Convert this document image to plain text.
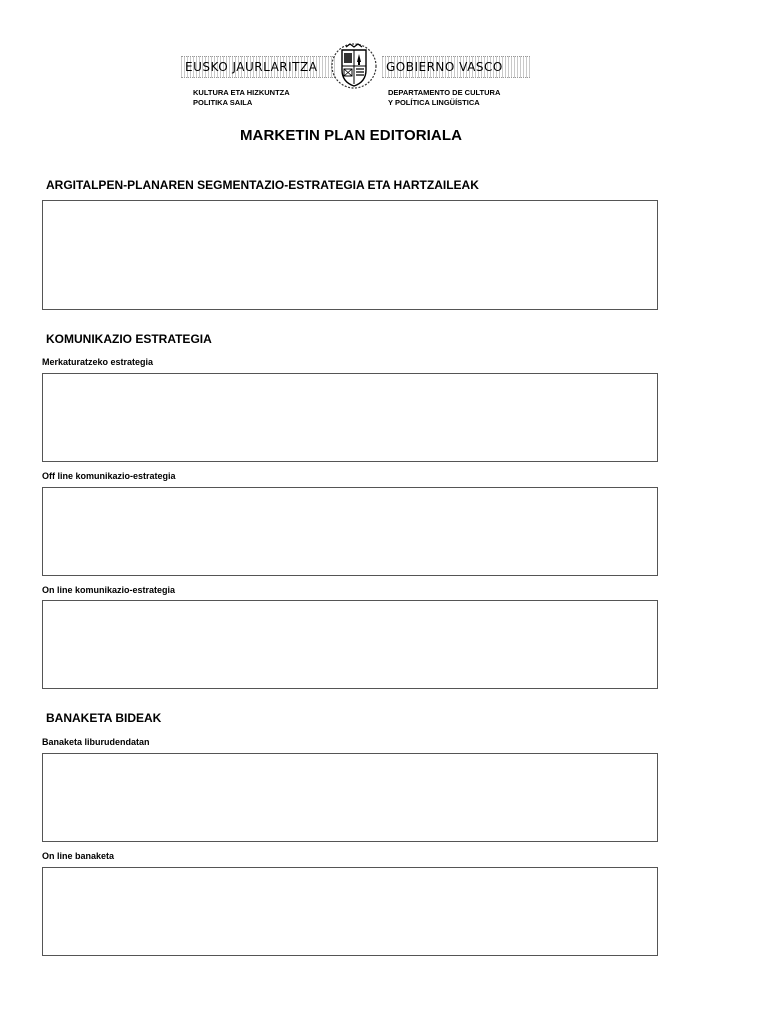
EUSKO JAURLARITZA	GOBIERNO VASCO
KULTURA ETA HIZKUNTZA
POLITIKA SAILA
DEPARTAMENTO DE CULTURA
Y POLÍTICA LINGÜÍSTICA
MARKETIN PLAN EDITORIALA
ARGITALPEN-PLANAREN SEGMENTAZIO-ESTRATEGIA ETA HARTZAILEAK
KOMUNIKAZIO ESTRATEGIA
Merkaturatzeko estrategia
Off line komunikazio-estrategia
On line komunikazio-estrategia
BANAKETA BIDEAK
Banaketa liburudendatan
On line banaketa
